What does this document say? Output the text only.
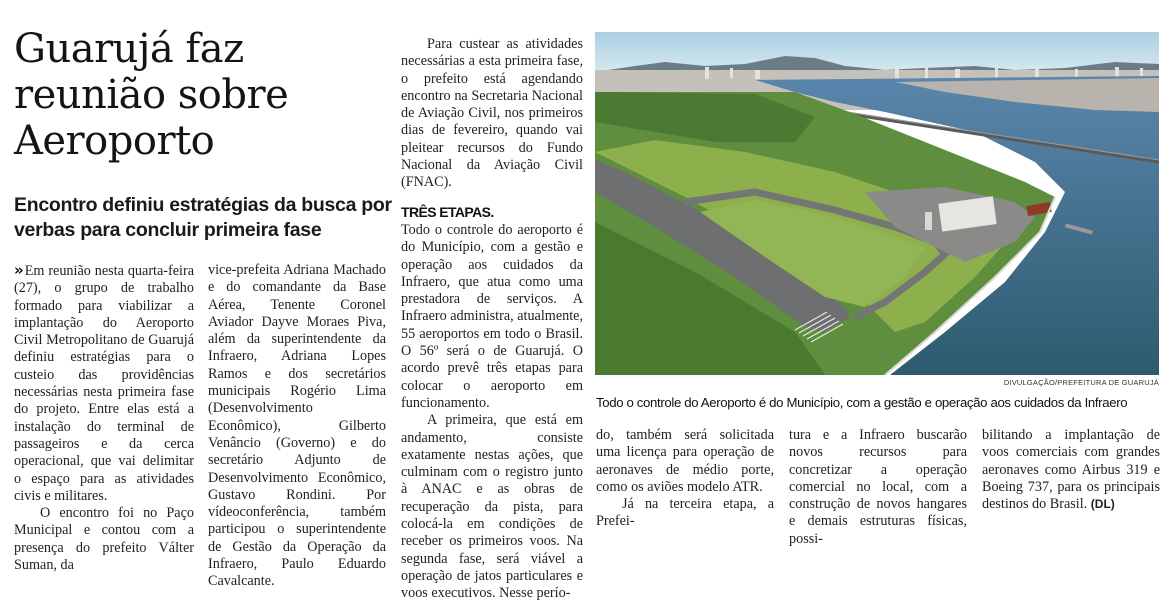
Guarujá faz reunião sobre Aeroporto
Encontro definiu estratégias da busca por verbas para concluir primeira fase

» Em reunião nesta quarta-feira (27), o grupo de trabalho formado para viabilizar a implantação do Aeroporto Civil Metropolitano de Guarujá definiu estratégias para o custeio das providências necessárias nesta primeira fase do projeto. Entre elas está a instalação do terminal de passageiros e da cerca operacional, que vai delimitar o espaço para as atividades civis e militares.

O encontro foi no Paço Municipal e contou com a presença do prefeito Válter Suman, da

vice-prefeita Adriana Machado e do comandante da Base Aérea, Tenente Coronel Aviador Dayve Moraes Piva, além da superintendente da Infraero, Adriana Lopes Ramos e dos secretários municipais Rogério Lima (Desenvolvimento Econômico), Gilberto Venâncio (Governo) e do secretário Adjunto de Desenvolvimento Econômico, Gustavo Rondini. Por vídeoconferência, também participou o superintendente de Gestão da Operação da Infraero, Paulo Eduardo Cavalcante.

Para custear as atividades necessárias a esta primeira fase, o prefeito está agendando encontro na Secretaria Nacional de Aviação Civil, nos primeiros dias de fevereiro, quando vai pleitear recursos do Fundo Nacional da Aviação Civil (FNAC).

TRÊS ETAPAS.

Todo o controle do aeroporto é do Município, com a gestão e operação aos cuidados da Infraero, que atua como uma prestadora de serviços. A Infraero administra, atualmente, 55 aeroportos em todo o Brasil. O 56º será o de Guarujá. O acordo prevê três etapas para colocar o aeroporto em funcionamento.

A primeira, que está em andamento, consiste exatamente nestas ações, que culminam com o registro junto à ANAC e as obras de recuperação da pista, para colocá-la em condições de receber os primeiros voos. Na segunda fase, será viável a operação de jatos particulares e voos executivos. Nesse perío-

DIVULGAÇÃO/PREFEITURA DE GUARUJÁ
Todo o controle do Aeroporto é do Município, com a gestão e operação aos cuidados da Infraero

do, também será solicitada uma licença para operação de aeronaves de médio porte, como os aviões modelo ATR.

Já na terceira etapa, a Prefei-

tura e a Infraero buscarão novos recursos para concretizar a operação comercial no local, com a construção de novos hangares e demais estruturas físicas, possi-

bilitando a implantação de voos comerciais com grandes aeronaves como Airbus 319 e Boeing 737, para os principais destinos do Brasil. (DL)
